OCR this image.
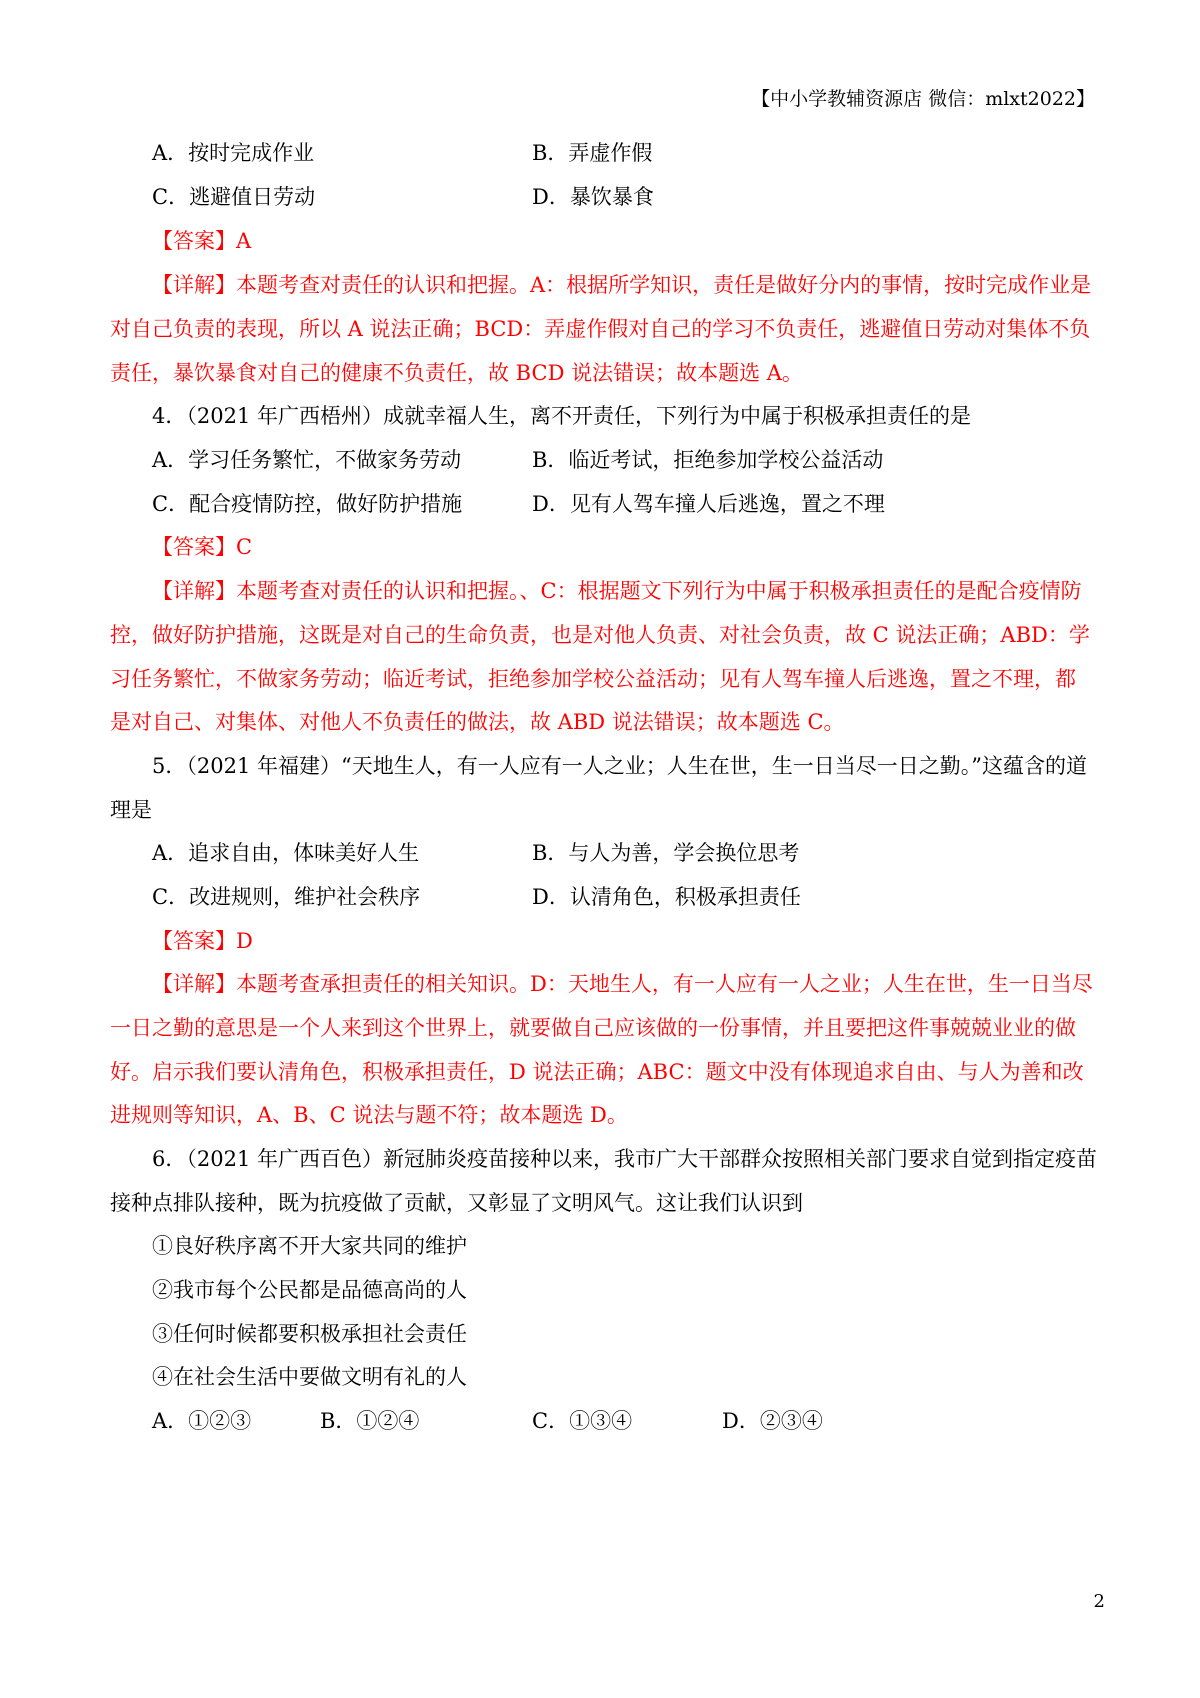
【中小学教辅资源店 微信：mlxt2022】
A．按时完成作业	B．弄虚作假
C．逃避值日劳动	D．暴饮暴食
【答案】A
【详解】本题考查对责任的认识和把握。A：根据所学知识，责任是做好分内的事情，按时完成作业是
对自己负责的表现，所以 A 说法正确；BCD：弄虚作假对自己的学习不负责任，逃避值日劳动对集体不负
责任，暴饮暴食对自己的健康不负责任，故 BCD 说法错误；故本题选 A。
4．（2021 年广西梧州）成就幸福人生，离不开责任，下列行为中属于积极承担责任的是
A．学习任务繁忙，不做家务劳动	B．临近考试，拒绝参加学校公益活动
C．配合疫情防控，做好防护措施	D．见有人驾车撞人后逃逸，置之不理
【答案】C
【详解】本题考查对责任的认识和把握。、C：根据题文下列行为中属于积极承担责任的是配合疫情防
控，做好防护措施，这既是对自己的生命负责，也是对他人负责、对社会负责，故 C 说法正确；ABD：学
习任务繁忙，不做家务劳动；临近考试，拒绝参加学校公益活动；见有人驾车撞人后逃逸，置之不理，都
是对自己、对集体、对他人不负责任的做法，故 ABD 说法错误；故本题选 C。
5．（2021 年福建）“天地生人，有一人应有一人之业；人生在世，生一日当尽一日之勤。”这蕴含的道
理是
A．追求自由，体味美好人生	B．与人为善，学会换位思考
C．改进规则，维护社会秩序	D．认清角色，积极承担责任
【答案】D
【详解】本题考查承担责任的相关知识。D：天地生人，有一人应有一人之业；人生在世，生一日当尽
一日之勤的意思是一个人来到这个世界上，就要做自己应该做的一份事情，并且要把这件事兢兢业业的做
好。启示我们要认清角色，积极承担责任，D 说法正确；ABC：题文中没有体现追求自由、与人为善和改
进规则等知识，A、B、C 说法与题不符；故本题选 D。
6．（2021 年广西百色）新冠肺炎疫苗接种以来，我市广大干部群众按照相关部门要求自觉到指定疫苗
接种点排队接种，既为抗疫做了贡献，又彰显了文明风气。这让我们认识到
①良好秩序离不开大家共同的维护
②我市每个公民都是品德高尚的人
③任何时候都要积极承担社会责任
④在社会生活中要做文明有礼的人
A．①②③	B．①②④	C．①③④	D．②③④
2
